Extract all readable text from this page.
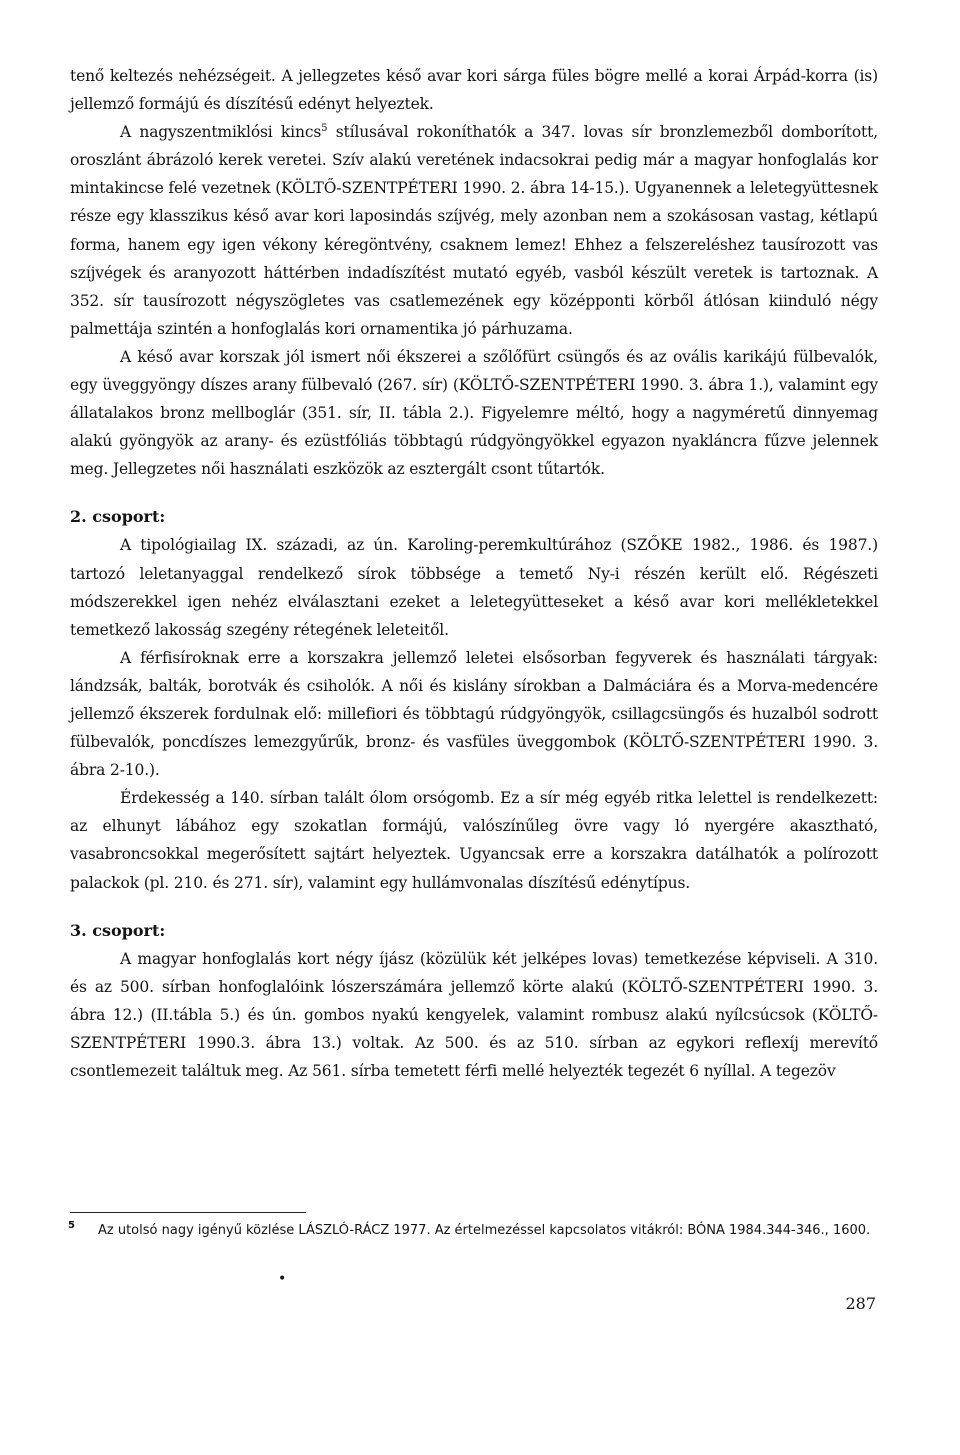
tenő keltezés nehézségeit. A jellegzetes késő avar kori sárga füles bögre mellé a korai Árpád-korra (is) jellemző formájú és díszítésű edényt helyeztek.

A nagyszentmiklósi kincs$^5$ stílusával rokoníthatók a 347. lovas sír bronzlemezből domborított, oroszlánt ábrázoló kerek veretei. Szív alakú veretének indacsokrai pedig már a magyar honfoglalás kor mintakincse felé vezetnek (KÖLTŐ-SZENTPÉTERI 1990. 2. ábra 14-15.). Ugyanennek a leletegyüttesnek része egy klasszikus késő avar kori laposindás szíjvég, mely azonban nem a szokásosan vastag, kétlapú forma, hanem egy igen vékony kéregöntvény, csaknem lemez! Ehhez a felszereléshez tausírozott vas szíjvégek és aranyozott háttérben indadíszítést mutató egyéb, vasból készült veretek is tartoznak. A 352. sír tausírozott négyszögletes vas csatlemezének egy középponti körből átlósan kiinduló négy palmettája szintén a honfoglalás kori ornamentika jó párhuzama.

A késő avar korszak jól ismert női ékszerei a szőlőfürt csüngős és az ovális karikájú fülbevalók, egy üveggyöngy díszes arany fülbevaló (267. sír) (KÖLTŐ-SZENTPÉTERI 1990. 3. ábra 1.), valamint egy állatalakos bronz mellboglár (351. sír, II. tábla 2.). Figyelemre méltó, hogy a nagyméretű dinnyemag alakú gyöngyök az arany- és ezüstfóliás többtagú rúdgyöngyökkel egyazon nyakláncra fűzve jelennek meg. Jellegzetes női használati eszközök az esztergált csont tűtartók.

2. csoport:

A tipológiailag IX. századi, az ún. Karoling-peremkultúrához (SZŐKE 1982., 1986. és 1987.) tartozó leletanyaggal rendelkező sírok többsége a temető Ny-i részén került elő. Régészeti módszerekkel igen nehéz elválasztani ezeket a leletegyütteseket a késő avar kori mellékletekkel temetkező lakosság szegény rétegének leleteitől.

A férfisíroknak erre a korszakra jellemző leletei elsősorban fegyverek és használati tárgyak: lándzsák, balták, borotvák és csiholók. A női és kislány sírokban a Dalmáciára és a Morva-medencére jellemző ékszerek fordulnak elő: millefiori és többtagú rúdgyöngyök, csillagcsüngős és huzalból sodrott fülbevalók, poncdíszes lemezgyűrűk, bronz- és vasfüles üveggombok (KÖLTŐ-SZENTPÉTERI 1990. 3. ábra 2-10.).

Érdekesség a 140. sírban talált ólom orsógomb. Ez a sír még egyéb ritka lelettel is rendelkezett: az elhunyt lábához egy szokatlan formájú, valószínűleg övre vagy ló nyergére akasztható, vasabroncsokkal megerősített sajtárt helyeztek. Ugyancsak erre a korszakra datálhatók a polírozott palackok (pl. 210. és 271. sír), valamint egy hullámvonalas díszítésű edénytípus.

3. csoport:

A magyar honfoglalás kort négy íjász (közülük két jelképes lovas) temetkezése képviseli. A 310. és az 500. sírban honfoglalóink lószerszámára jellemző körte alakú (KÖLTŐ-SZENTPÉTERI 1990. 3. ábra 12.) (II.tábla 5.) és ún. gombos nyakú kengyelek, valamint rombusz alakú nyílcsúcsok (KÖLTŐ-SZENTPÉTERI 1990.3. ábra 13.) voltak. Az 500. és az 510. sírban az egykori reflexíj merevítő csontlemezeit találtuk meg. Az 561. sírba temetett férfi mellé helyezték tegezét 6 nyíllal. A tegezöv

5 Az utolsó nagy igényű közlése LÁSZLÓ-RÁCZ 1977. Az értelmezéssel kapcsolatos vitákról: BÓNA 1984.344-346., 1600.
•
287
